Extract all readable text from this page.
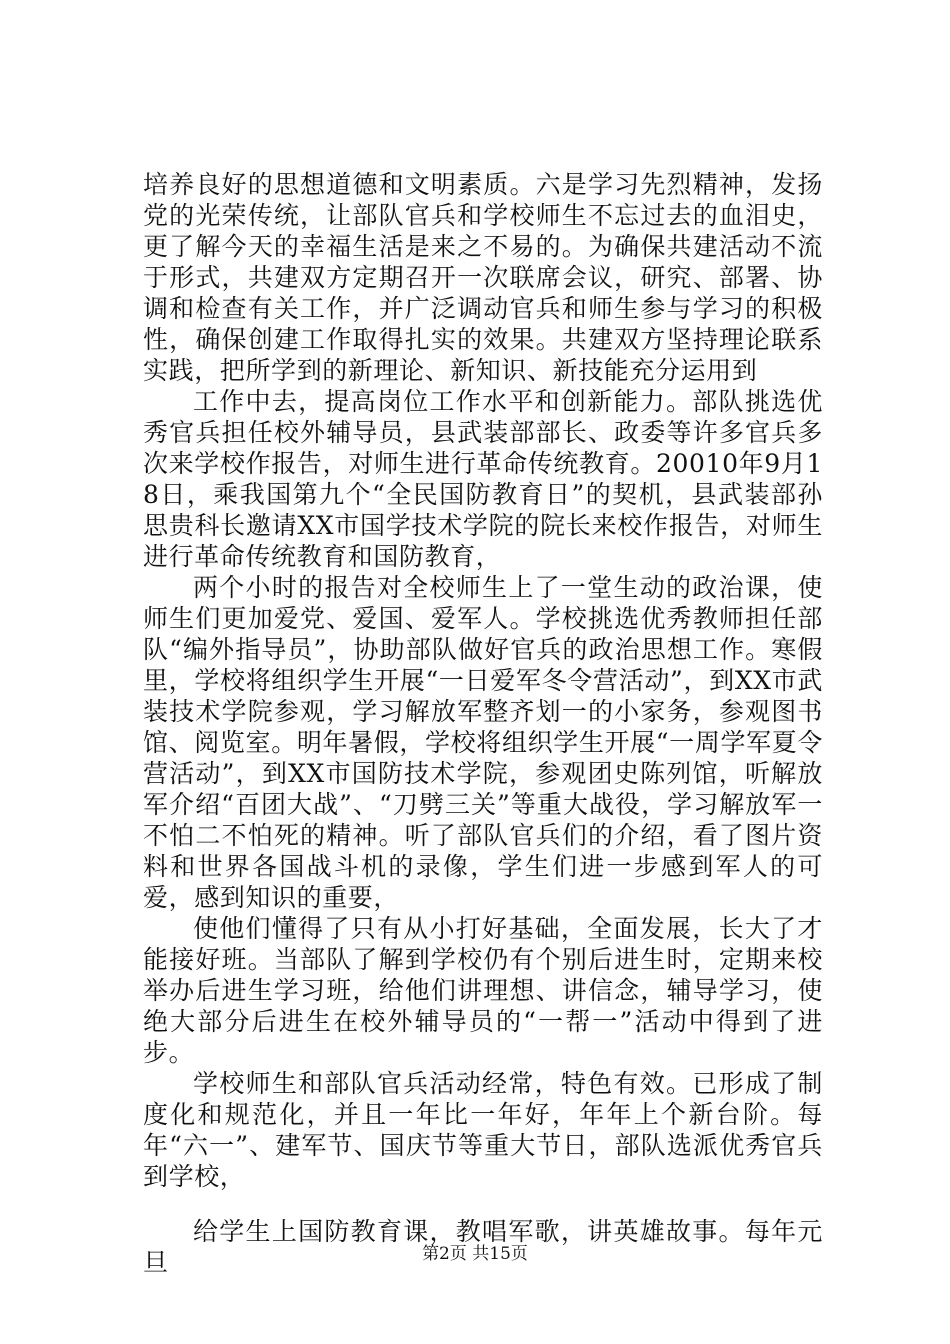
培养良好的思想道德和文明素质。六是学习先烈精神，发扬党的光荣传统，让部队官兵和学校师生不忘过去的血泪史，更了解今天的幸福生活是来之不易的。为确保共建活动不流于形式，共建双方定期召开一次联席会议，研究、部署、协调和检查有关工作，并广泛调动官兵和师生参与学习的积极性，确保创建工作取得扎实的效果。共建双方坚持理论联系实践，把所学到的新理论、新知识、新技能充分运用到

工作中去，提高岗位工作水平和创新能力。部队挑选优秀官兵担任校外辅导员，县武装部部长、政委等许多官兵多次来学校作报告，对师生进行革命传统教育。20010年9月18日，乘我国第九个“全民国防教育日”的契机，县武装部孙思贵科长邀请XX市国学技术学院的院长来校作报告，对师生进行革命传统教育和国防教育，

两个小时的报告对全校师生上了一堂生动的政治课，使师生们更加爱党、爱国、爱军人。学校挑选优秀教师担任部队“编外指导员”，协助部队做好官兵的政治思想工作。寒假里，学校将组织学生开展“一日爱军冬令营活动”，到XX市武装技术学院参观，学习解放军整齐划一的小家务，参观图书馆、阅览室。明年暑假，学校将组织学生开展“一周学军夏令营活动”，到XX市国防技术学院，参观团史陈列馆，听解放军介绍“百团大战”、“刀劈三关”等重大战役，学习解放军一不怕二不怕死的精神。听了部队官兵们的介绍，看了图片资料和世界各国战斗机的录像，学生们进一步感到军人的可爱，感到知识的重要，

使他们懂得了只有从小打好基础，全面发展，长大了才能接好班。当部队了解到学校仍有个别后进生时，定期来校举办后进生学习班，给他们讲理想、讲信念，辅导学习，使绝大部分后进生在校外辅导员的“一帮一”活动中得到了进步。

学校师生和部队官兵活动经常，特色有效。已形成了制度化和规范化，并且一年比一年好，年年上个新台阶。每年“六一”、建军节、国庆节等重大节日，部队选派优秀官兵到学校，

给学生上国防教育课，教唱军歌，讲英雄故事。每年元旦	第2页 共15页
